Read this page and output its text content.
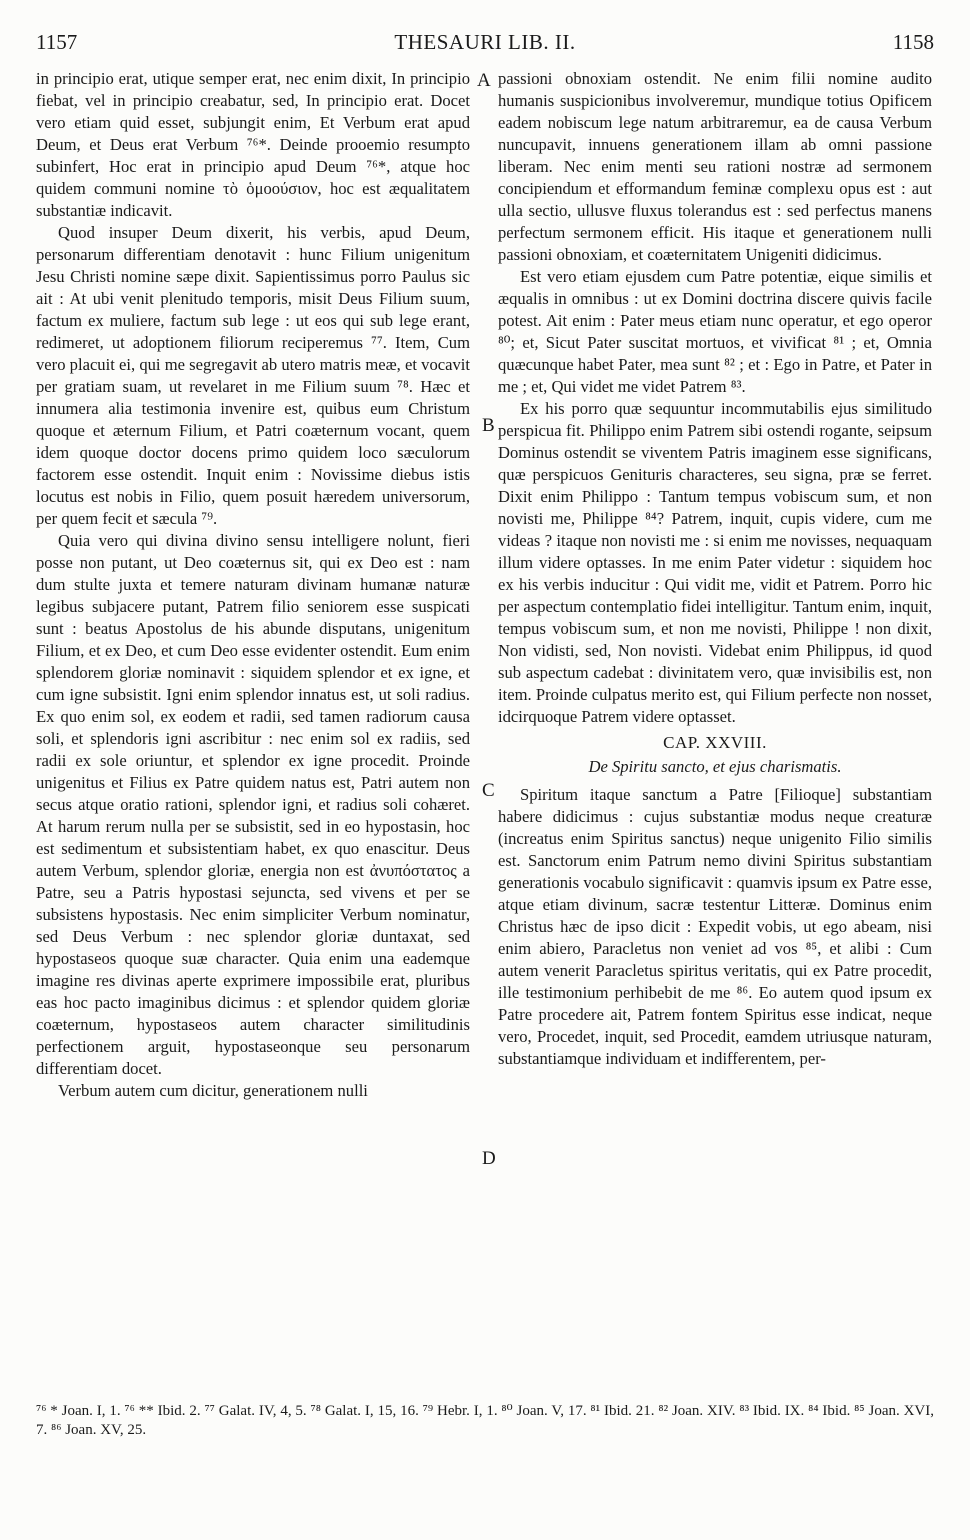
1157	THESAURI LIB. II.	1158
A
B
C
D

in principio erat, utique semper erat, nec enim dixit, In principio fiebat, vel in principio creabatur, sed, In principio erat. Docet vero etiam quid esset, subjungit enim, Et Verbum erat apud Deum, et Deus erat Verbum ⁷⁶*. Deinde prooemio resumpto subinfert, Hoc erat in principio apud Deum ⁷⁶*, atque hoc quidem communi nomine τὸ ὁμοούσιον, hoc est æqualitatem substantiæ indicavit.

Quod insuper Deum dixerit, his verbis, apud Deum, personarum differentiam denotavit : hunc Filium unigenitum Jesu Christi nomine sæpe dixit. Sapientissimus porro Paulus sic ait : At ubi venit plenitudo temporis, misit Deus Filium suum, factum ex muliere, factum sub lege : ut eos qui sub lege erant, redimeret, ut adoptionem filiorum reciperemus ⁷⁷. Item, Cum vero placuit ei, qui me segregavit ab utero matris meæ, et vocavit per gratiam suam, ut revelaret in me Filium suum ⁷⁸. Hæc et innumera alia testimonia invenire est, quibus eum Christum quoque et æternum Filium, et Patri coæternum vocant, quem idem quoque doctor docens primo quidem loco sæculorum factorem esse ostendit. Inquit enim : Novissime diebus istis locutus est nobis in Filio, quem posuit hæredem universorum, per quem fecit et sæcula ⁷⁹.

Quia vero qui divina divino sensu intelligere nolunt, fieri posse non putant, ut Deo coæternus sit, qui ex Deo est : nam dum stulte juxta et temere naturam divinam humanæ naturæ legibus subjacere putant, Patrem filio seniorem esse suspicati sunt : beatus Apostolus de his abunde disputans, unigenitum Filium, et ex Deo, et cum Deo esse evidenter ostendit. Eum enim splendorem gloriæ nominavit : siquidem splendor et ex igne, et cum igne subsistit. Igni enim splendor innatus est, ut soli radius. Ex quo enim sol, ex eodem et radii, sed tamen radiorum causa soli, et splendoris igni ascribitur : nec enim sol ex radiis, sed radii ex sole oriuntur, et splendor ex igne procedit. Proinde unigenitus et Filius ex Patre quidem natus est, Patri autem non secus atque oratio rationi, splendor igni, et radius soli cohæret. At harum rerum nulla per se subsistit, sed in eo hypostasin, hoc est sedimentum et subsistentiam habet, ex quo enascitur. Deus autem Verbum, splendor gloriæ, energia non est ἀνυπόστατος a Patre, seu a Patris hypostasi sejuncta, sed vivens et per se subsistens hypostasis. Nec enim simpliciter Verbum nominatur, sed Deus Verbum : nec splendor gloriæ duntaxat, sed hypostaseos quoque suæ character. Quia enim una eademque imagine res divinas aperte exprimere impossibile erat, pluribus eas hoc pacto imaginibus dicimus : et splendor quidem gloriæ coæternum, hypostaseos autem character similitudinis perfectionem arguit, hypostaseonque seu personarum differentiam docet.

Verbum autem cum dicitur, generationem nulli

passioni obnoxiam ostendit. Ne enim filii nomine audito humanis suspicionibus involveremur, mundique totius Opificem eadem nobiscum lege natum arbitraremur, ea de causa Verbum nuncupavit, innuens generationem illam ab omni passione liberam. Nec enim menti seu rationi nostræ ad sermonem concipiendum et efformandum feminæ complexu opus est : aut ulla sectio, ullusve fluxus tolerandus est : sed perfectus manens perfectum sermonem efficit. His itaque et generationem nulli passioni obnoxiam, et coæternitatem Unigeniti didicimus.

Est vero etiam ejusdem cum Patre potentiæ, eique similis et æqualis in omnibus : ut ex Domini doctrina discere quivis facile potest. Ait enim : Pater meus etiam nunc operatur, et ego operor ⁸⁰; et, Sicut Pater suscitat mortuos, et vivificat ⁸¹ ; et, Omnia quæcunque habet Pater, mea sunt ⁸² ; et : Ego in Patre, et Pater in me ; et, Qui videt me videt Patrem ⁸³.

Ex his porro quæ sequuntur incommutabilis ejus similitudo perspicua fit. Philippo enim Patrem sibi ostendi rogante, seipsum Dominus ostendit se viventem Patris imaginem esse significans, quæ perspicuos Genituris characteres, seu signa, præ se ferret. Dixit enim Philippo : Tantum tempus vobiscum sum, et non novisti me, Philippe ⁸⁴? Patrem, inquit, cupis videre, cum me videas ? itaque non novisti me : si enim me novisses, nequaquam illum videre optasses. In me enim Pater videtur : siquidem hoc ex his verbis inducitur : Qui vidit me, vidit et Patrem. Porro hic per aspectum contemplatio fidei intelligitur. Tantum enim, inquit, tempus vobiscum sum, et non me novisti, Philippe ! non dixit, Non vidisti, sed, Non novisti. Videbat enim Philippus, id quod sub aspectum cadebat : divinitatem vero, quæ invisibilis est, non item. Proinde culpatus merito est, qui Filium perfecte non nosset, idcirquoque Patrem videre optasset.

CAP. XXVIII.

De Spiritu sancto, et ejus charismatis.

Spiritum itaque sanctum a Patre [Filioque] substantiam habere didicimus : cujus substantiæ modus neque creaturæ (increatus enim Spiritus sanctus) neque unigenito Filio similis est. Sanctorum enim Patrum nemo divini Spiritus substantiam generationis vocabulo significavit : quamvis ipsum ex Patre esse, atque etiam divinum, sacræ testentur Litteræ. Dominus enim Christus hæc de ipso dicit : Expedit vobis, ut ego abeam, nisi enim abiero, Paracletus non veniet ad vos ⁸⁵, et alibi : Cum autem venerit Paracletus spiritus veritatis, qui ex Patre procedit, ille testimonium perhibebit de me ⁸⁶. Eo autem quod ipsum ex Patre procedere ait, Patrem fontem Spiritus esse indicat, neque vero, Procedet, inquit, sed Procedit, eamdem utriusque naturam, substantiamque individuam et indifferentem, per-

⁷⁶ * Joan. I, 1. ⁷⁶ ** Ibid. 2. ⁷⁷ Galat. IV, 4, 5. ⁷⁸ Galat. I, 15, 16. ⁷⁹ Hebr. I, 1. ⁸⁰ Joan. V, 17. ⁸¹ Ibid. 21. ⁸² Joan. XIV. ⁸³ Ibid. IX. ⁸⁴ Ibid. ⁸⁵ Joan. XVI, 7. ⁸⁶ Joan. XV, 25.
